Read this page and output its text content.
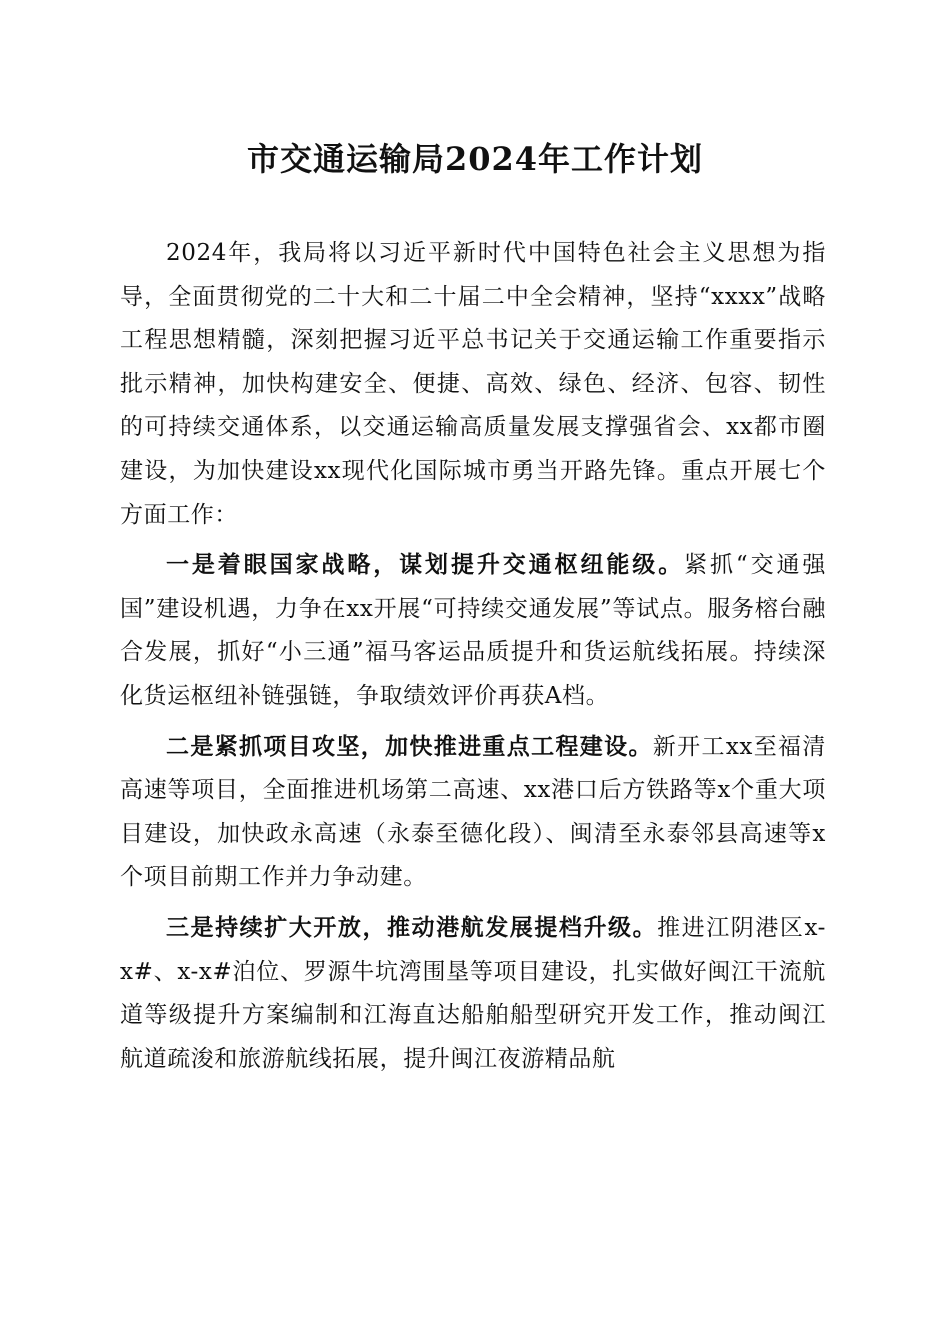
市交通运输局2024年工作计划

2024年，我局将以习近平新时代中国特色社会主义思想为指导，全面贯彻党的二十大和二十届二中全会精神，坚持“xxxx”战略工程思想精髓，深刻把握习近平总书记关于交通运输工作重要指示批示精神，加快构建安全、便捷、高效、绿色、经济、包容、韧性的可持续交通体系，以交通运输高质量发展支撑强省会、xx都市圈建设，为加快建设xx现代化国际城市勇当开路先锋。重点开展七个方面工作：

一是着眼国家战略，谋划提升交通枢纽能级。紧抓“交通强国”建设机遇，力争在xx开展“可持续交通发展”等试点。服务榕台融合发展，抓好“小三通”福马客运品质提升和货运航线拓展。持续深化货运枢纽补链强链，争取绩效评价再获A档。

二是紧抓项目攻坚，加快推进重点工程建设。新开工xx至福清高速等项目，全面推进机场第二高速、xx港口后方铁路等x个重大项目建设，加快政永高速（永泰至德化段）、闽清至永泰邻县高速等x个项目前期工作并力争动建。

三是持续扩大开放，推动港航发展提档升级。推进江阴港区x-x#、x-x#泊位、罗源牛坑湾围垦等项目建设，扎实做好闽江干流航道等级提升方案编制和江海直达船舶船型研究开发工作，推动闽江航道疏浚和旅游航线拓展，提升闽江夜游精品航
